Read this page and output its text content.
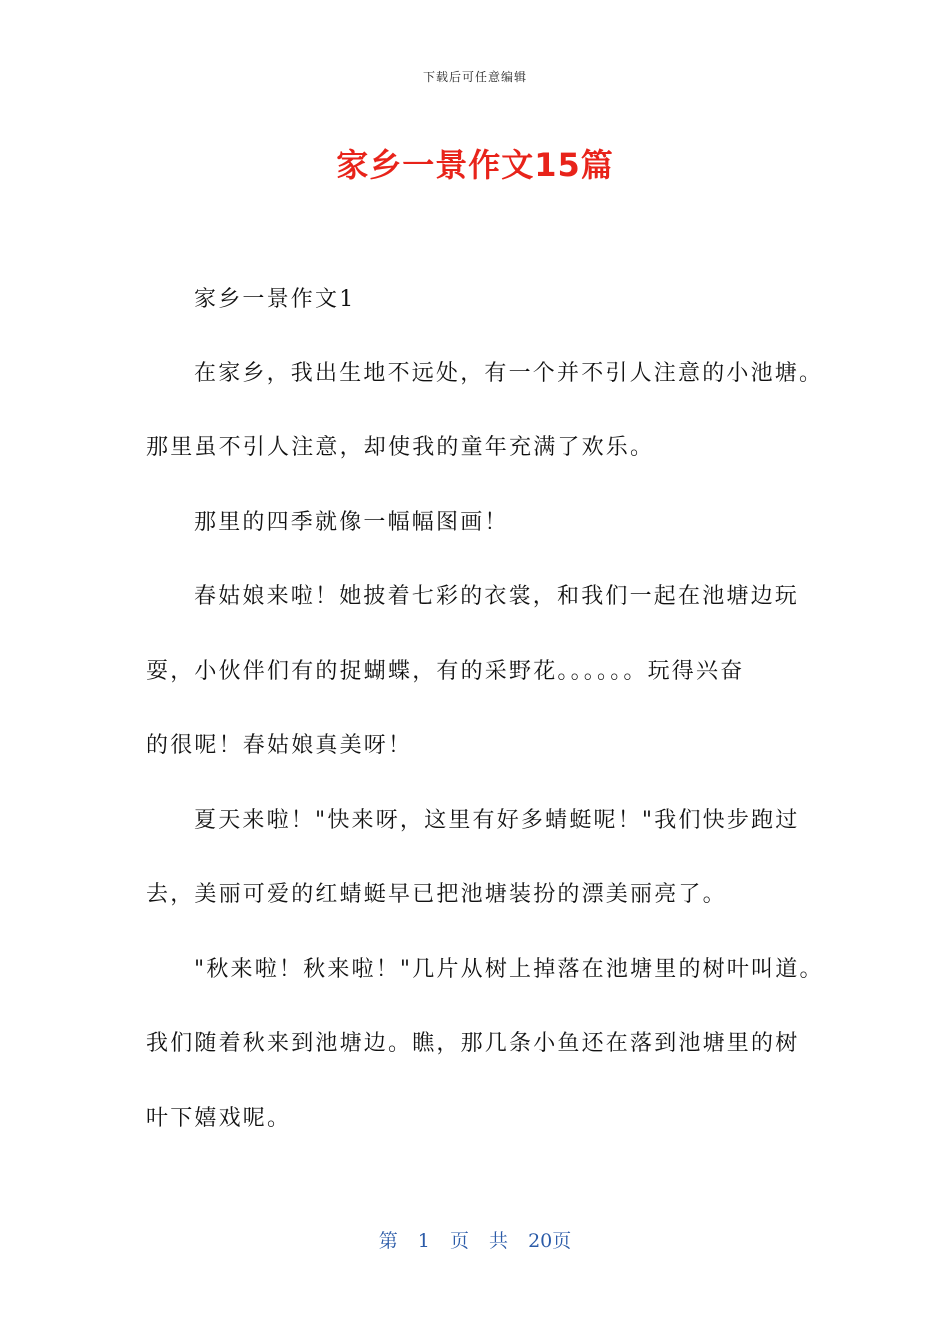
下载后可任意编辑
家乡一景作文15篇
家乡一景作文1
在家乡，我出生地不远处，有一个并不引人注意的小池塘。
那里虽不引人注意，却使我的童年充满了欢乐。
那里的四季就像一幅幅图画！
春姑娘来啦！她披着七彩的衣裳，和我们一起在池塘边玩
耍，小伙伴们有的捉蝴蝶，有的采野花。。。。。。玩得兴奋
的很呢！春姑娘真美呀！
夏天来啦！"快来呀，这里有好多蜻蜓呢！"我们快步跑过
去，美丽可爱的红蜻蜓早已把池塘装扮的漂美丽亮了。
"秋来啦！秋来啦！"几片从树上掉落在池塘里的树叶叫道。
我们随着秋来到池塘边。瞧，那几条小鱼还在落到池塘里的树
叶下嬉戏呢。
第 1 页 共 20页
